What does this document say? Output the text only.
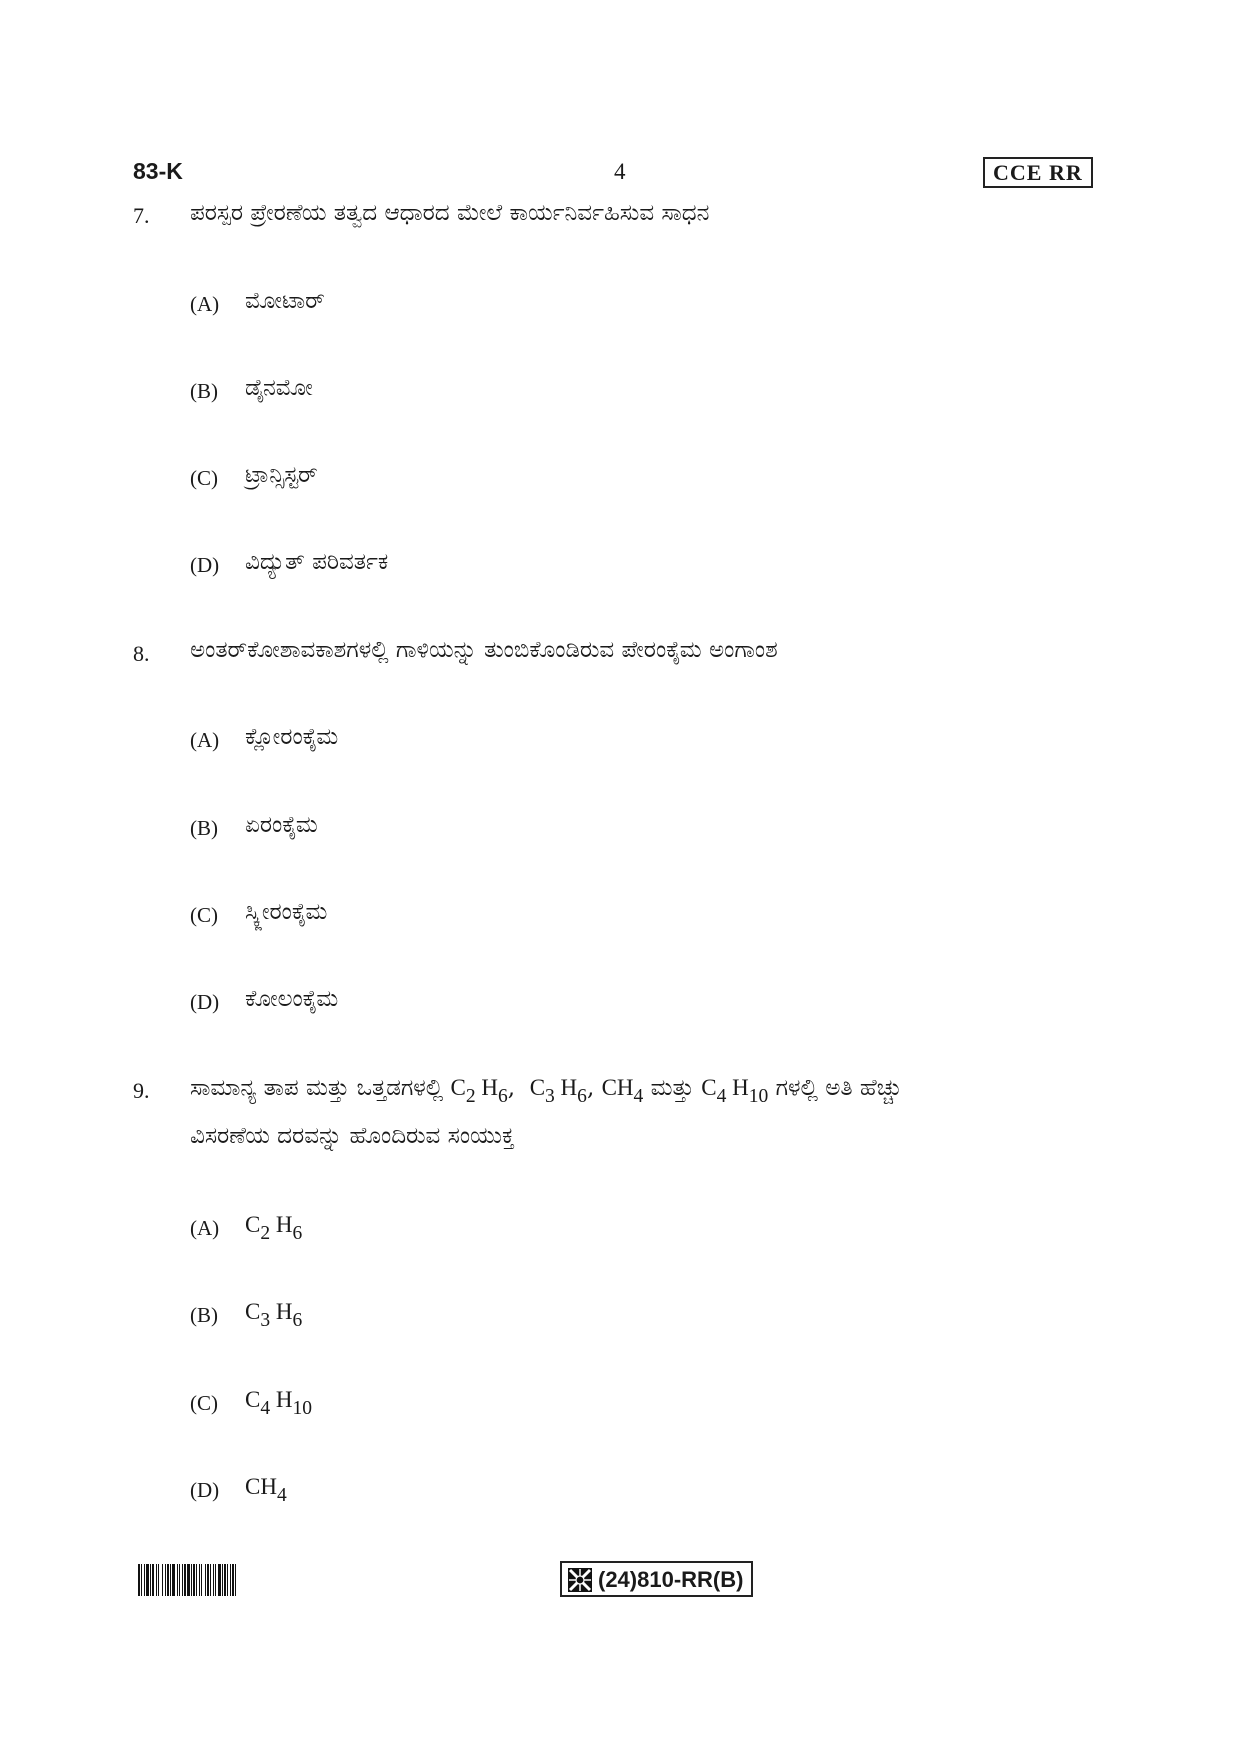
83-K	4	CCE RR
7. ಪರಸ್ಪರ ಪ್ರೇರಣೆಯ ತತ್ವದ ಆಧಾರದ ಮೇಲೆ ಕಾರ್ಯನಿರ್ವಹಿಸುವ ಸಾಧನ
(A) ಮೋಟಾರ್
(B) ಡೈನಮೋ
(C) ಟ್ರಾನ್ಸಿಸ್ಟರ್
(D) ವಿದ್ಯುತ್ ಪರಿವರ್ತಕ
8. ಅಂತರ್‌ಕೋಶಾವಕಾಶಗಳಲ್ಲಿ ಗಾಳಿಯನ್ನು ತುಂಬಿಕೊಂಡಿರುವ ಪೇರಂಕೈಮ ಅಂಗಾಂಶ
(A) ಕ್ಲೋರಂಕೈಮ
(B) ಏರಂಕೈಮ
(C) ಸ್ಕ್ಲೀರಂಕೈಮ
(D) ಕೋಲಂಕೈಮ
9. ಸಾಮಾನ್ಯ ತಾಪ ಮತ್ತು ಒತ್ತಡಗಳಲ್ಲಿ $C_2$ $H_6$,  $C_3$ $H_6$, $CH_4$ ಮತ್ತು $C_4$ $H_{10}$ ಗಳಲ್ಲಿ ಅತಿ ಹೆಚ್ಚು
ವಿಸರಣೆಯ ದರವನ್ನು ಹೊಂದಿರುವ ಸಂಯುಕ್ತ
(A) $C_2$ $H_6$
(B) $C_3$ $H_6$
(C) $C_4$ $H_{10}$
(D) $CH_4$
(24)810-RR(B)
